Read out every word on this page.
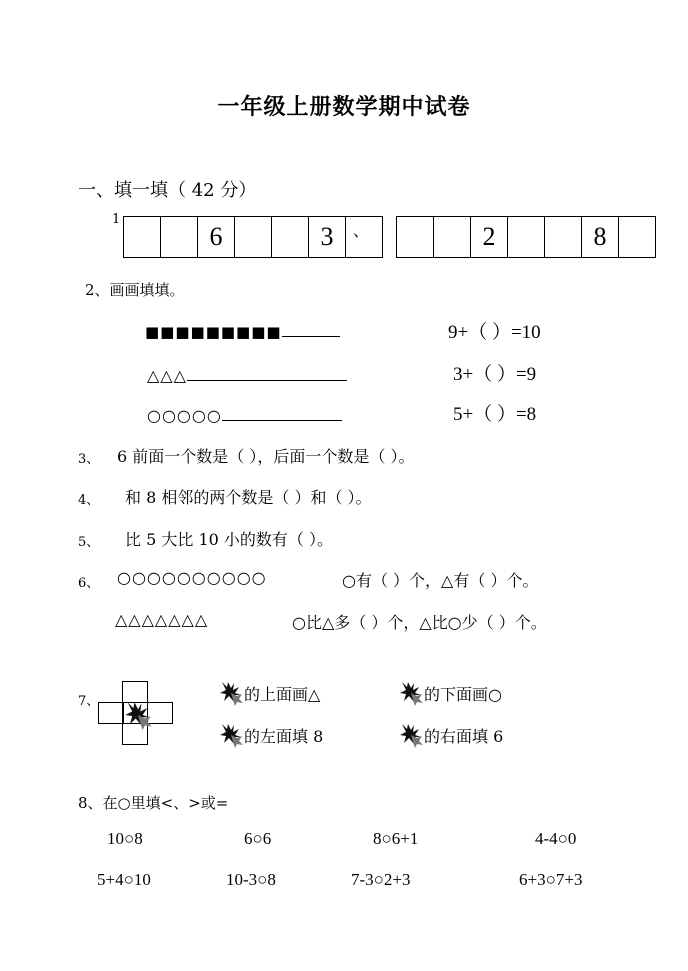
一年级上册数学期中试卷
一、填一填（ 42 分）
1
6	3	、	2	8
2、画画填填。
■■■■■■■■■	9+（ ）=10
△△△	3+（ ）=9
○○○○○	5+（ ）=8
3、 6 前面一个数是（ ），后面一个数是（ ）。
4、 和 8 相邻的两个数是（ ）和（ ）。
5、 比 5 大比 10 小的数有（ ）。
6、 ○○○○○○○○○○	○有（ ）个，△有（ ）个。
△△△△△△△	○比△多（ ）个，△比○少（ ）个。
7、	的上面画△	的下面画○
的左面填 8	的右面填 6
8、在○里填<、>或=
10○8	6○6	8○6+1	4-4○0
5+4○10	10-3○8	7-3○2+3	6+3○7+3
